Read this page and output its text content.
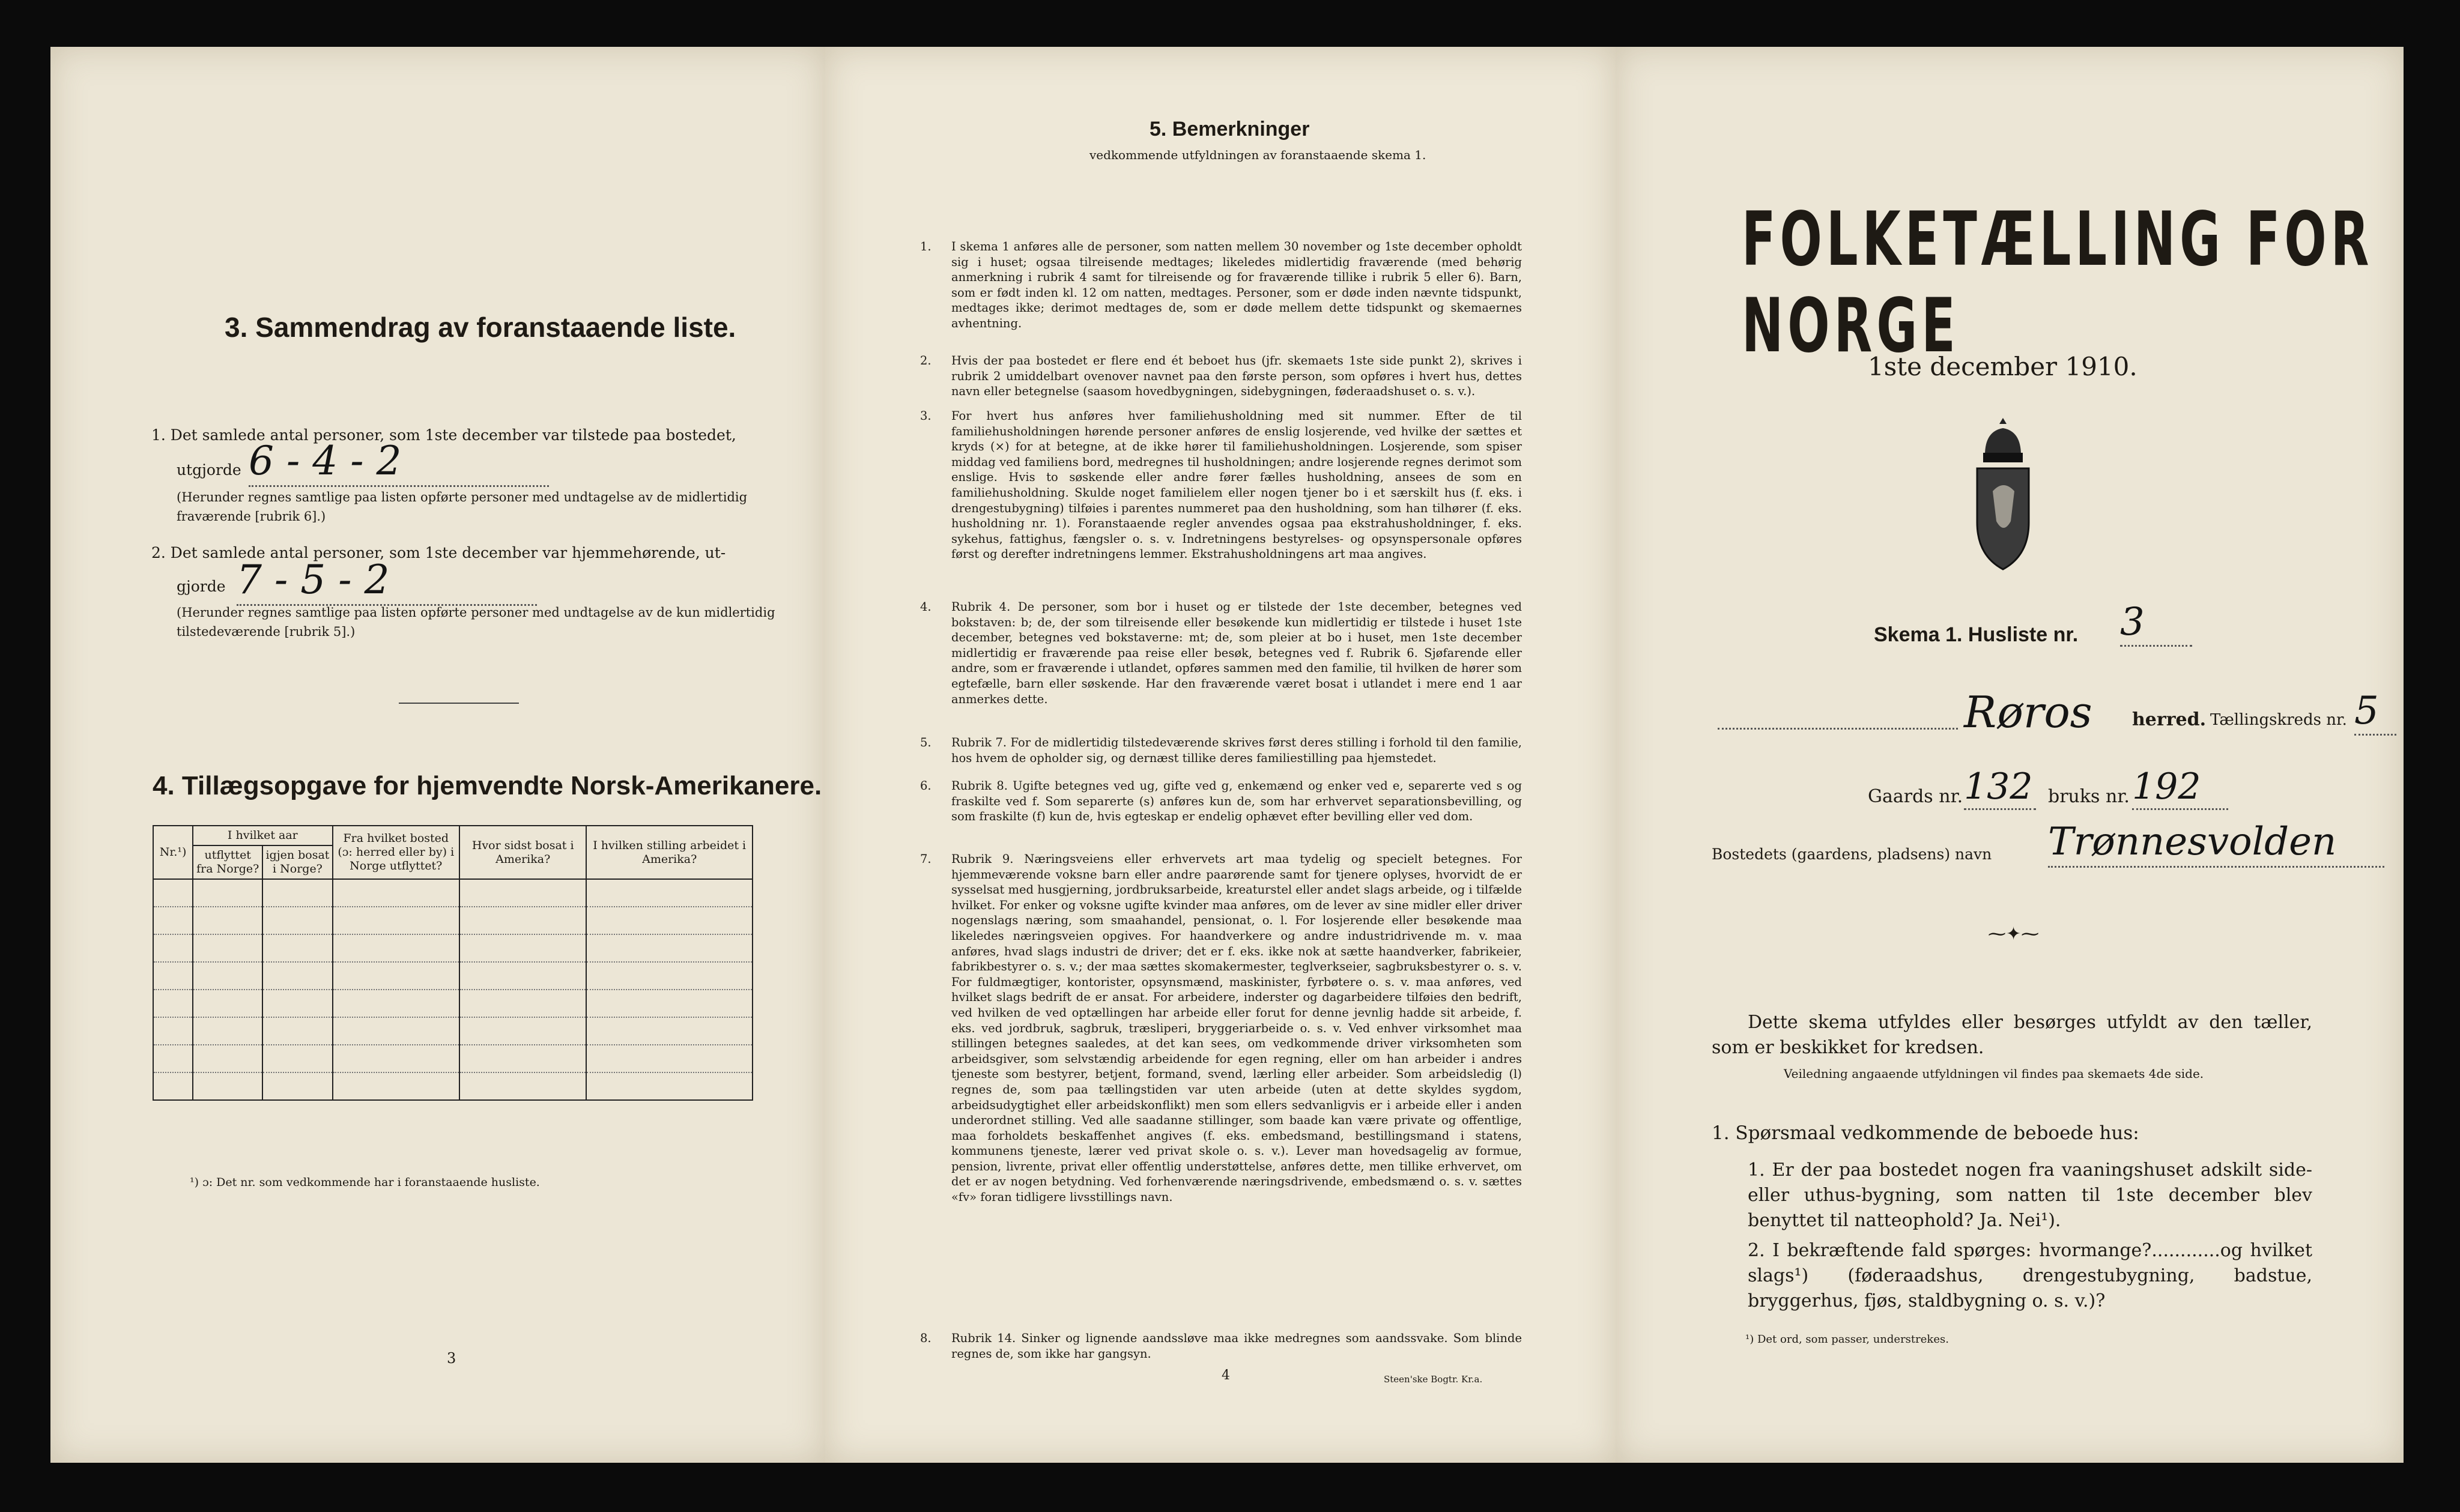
3. Sammendrag av foranstaaende liste.
1. Det samlede antal personer, som 1ste december var tilstede paa bostedet,
utgjorde 6 - 4 - 2
(Herunder regnes samtlige paa listen opførte personer med undtagelse av de midlertidig fraværende [rubrik 6].)
2. Det samlede antal personer, som 1ste december var hjemmehørende, ut-
gjorde 7 - 5 - 2
(Herunder regnes samtlige paa listen opførte personer med undtagelse av de kun midlertidig tilstedeværende [rubrik 5].)
4. Tillægsopgave for hjemvendte Norsk-Amerikanere.
Nr.¹)	I hvilket aar		Fra hvilket bosted (ɔ: herred eller by) i Norge utflyttet?	Hvor sidst bosat i Amerika?	I hvilken stilling arbeidet i Amerika?
	utflyttet fra Norge?	igjen bosat i Norge?			

¹) ɔ: Det nr. som vedkommende har i foranstaaende husliste.
3
5. Bemerkninger
vedkommende utfyldningen av foranstaaende skema 1.
1. I skema 1 anføres alle de personer, som natten mellem 30 november og 1ste december opholdt sig i huset; ogsaa tilreisende medtages; likeledes midlertidig fraværende (med behørig anmerkning i rubrik 4 samt for tilreisende og for fraværende tillike i rubrik 5 eller 6). Barn, som er født inden kl. 12 om natten, medtages. Personer, som er døde inden nævnte tidspunkt, medtages ikke; derimot medtages de, som er døde mellem dette tidspunkt og skemaernes avhentning.
2. Hvis der paa bostedet er flere end ét beboet hus (jfr. skemaets 1ste side punkt 2), skrives i rubrik 2 umiddelbart ovenover navnet paa den første person, som opføres i hvert hus, dettes navn eller betegnelse (saasom hovedbygningen, sidebygningen, føderaadshuset o. s. v.).
3. For hvert hus anføres hver familiehusholdning med sit nummer. Efter de til familiehusholdningen hørende personer anføres de enslig losjerende, ved hvilke der sættes et kryds (×) for at betegne, at de ikke hører til familiehusholdningen. Losjerende, som spiser middag ved familiens bord, medregnes til husholdningen; andre losjerende regnes derimot som enslige. Hvis to søskende eller andre fører fælles husholdning, ansees de som en familiehusholdning. Skulde noget familielem eller nogen tjener bo i et særskilt hus (f. eks. i drengestubygning) tilføies i parentes nummeret paa den husholdning, som han tilhører (f. eks. husholdning nr. 1). Foranstaaende regler anvendes ogsaa paa ekstrahusholdninger, f. eks. sykehus, fattighus, fængsler o. s. v. Indretningens bestyrelses- og opsynspersonale opføres først og derefter indretningens lemmer. Ekstrahusholdningens art maa angives.
4. Rubrik 4. De personer, som bor i huset og er tilstede der 1ste december, betegnes ved bokstaven: b; de, der som tilreisende eller besøkende kun midlertidig er tilstede i huset 1ste december, betegnes ved bokstaverne: mt; de, som pleier at bo i huset, men 1ste december midlertidig er fraværende paa reise eller besøk, betegnes ved f. Rubrik 6. Sjøfarende eller andre, som er fraværende i utlandet, opføres sammen med den familie, til hvilken de hører som egtefælle, barn eller søskende. Har den fraværende været bosat i utlandet i mere end 1 aar anmerkes dette.
5. Rubrik 7. For de midlertidig tilstedeværende skrives først deres stilling i forhold til den familie, hos hvem de opholder sig, og dernæst tillike deres familiestilling paa hjemstedet.
6. Rubrik 8. Ugifte betegnes ved ug, gifte ved g, enkemænd og enker ved e, separerte ved s og fraskilte ved f. Som separerte (s) anføres kun de, som har erhvervet separationsbevilling, og som fraskilte (f) kun de, hvis egteskap er endelig ophævet efter bevilling eller ved dom.
7. Rubrik 9. Næringsveiens eller erhvervets art maa tydelig og specielt betegnes. For hjemmeværende voksne barn eller andre paarørende samt for tjenere oplyses, hvorvidt de er sysselsat med husgjerning, jordbruksarbeide, kreaturstel eller andet slags arbeide, og i tilfælde hvilket. For enker og voksne ugifte kvinder maa anføres, om de lever av sine midler eller driver nogenslags næring, som smaahandel, pensionat, o. l. For losjerende eller besøkende maa likeledes næringsveien opgives. For haandverkere og andre industridrivende m. v. maa anføres, hvad slags industri de driver; det er f. eks. ikke nok at sætte haandverker, fabrikeier, fabrikbestyrer o. s. v.; der maa sættes skomakermester, teglverkseier, sagbruksbestyrer o. s. v. For fuldmægtiger, kontorister, opsynsmænd, maskinister, fyrbøtere o. s. v. maa anføres, ved hvilket slags bedrift de er ansat. For arbeidere, inderster og dagarbeidere tilføies den bedrift, ved hvilken de ved optællingen har arbeide eller forut for denne jevnlig hadde sit arbeide, f. eks. ved jordbruk, sagbruk, træsliperi, bryggeriarbeide o. s. v. Ved enhver virksomhet maa stillingen betegnes saaledes, at det kan sees, om vedkommende driver virksomheten som arbeidsgiver, som selvstændig arbeidende for egen regning, eller om han arbeider i andres tjeneste som bestyrer, betjent, formand, svend, lærling eller arbeider. Som arbeidsledig (l) regnes de, som paa tællingstiden var uten arbeide (uten at dette skyldes sygdom, arbeidsudygtighet eller arbeidskonflikt) men som ellers sedvanligvis er i arbeide eller i anden underordnet stilling. Ved alle saadanne stillinger, som baade kan være private og offentlige, maa forholdets beskaffenhet angives (f. eks. embedsmand, bestillingsmand i statens, kommunens tjeneste, lærer ved privat skole o. s. v.). Lever man hovedsagelig av formue, pension, livrente, privat eller offentlig understøttelse, anføres dette, men tillike erhvervet, om det er av nogen betydning. Ved forhenværende næringsdrivende, embedsmænd o. s. v. sættes «fv» foran tidligere livsstillings navn.
8. Rubrik 14. Sinker og lignende aandssløve maa ikke medregnes som aandssvake. Som blinde regnes de, som ikke har gangsyn.
4	Steen'ske Bogtr. Kr.a.
FOLKETÆLLING FOR NORGE
1ste december 1910.
Skema 1. Husliste nr. 3
Røros herred. Tællingskreds nr. 5
Gaards nr. 132 bruks nr. 192
Bostedets (gaardens, pladsens) navn Trønnesvolden
⁓✦⁓
Dette skema utfyldes eller besørges utfyldt av den tæller, som er beskikket for kredsen.
Veiledning angaaende utfyldningen vil findes paa skemaets 4de side.
1. Spørsmaal vedkommende de beboede hus:
1. Er der paa bostedet nogen fra vaaningshuset adskilt side- eller uthus-bygning, som natten til 1ste december blev benyttet til natteophold? Ja. Nei¹).
2. I bekræftende fald spørges: hvormange?............og hvilket slags¹) (føderaadshus, drengestubygning, badstue, bryggerhus, fjøs, staldbygning o. s. v.)?
¹) Det ord, som passer, understrekes.
